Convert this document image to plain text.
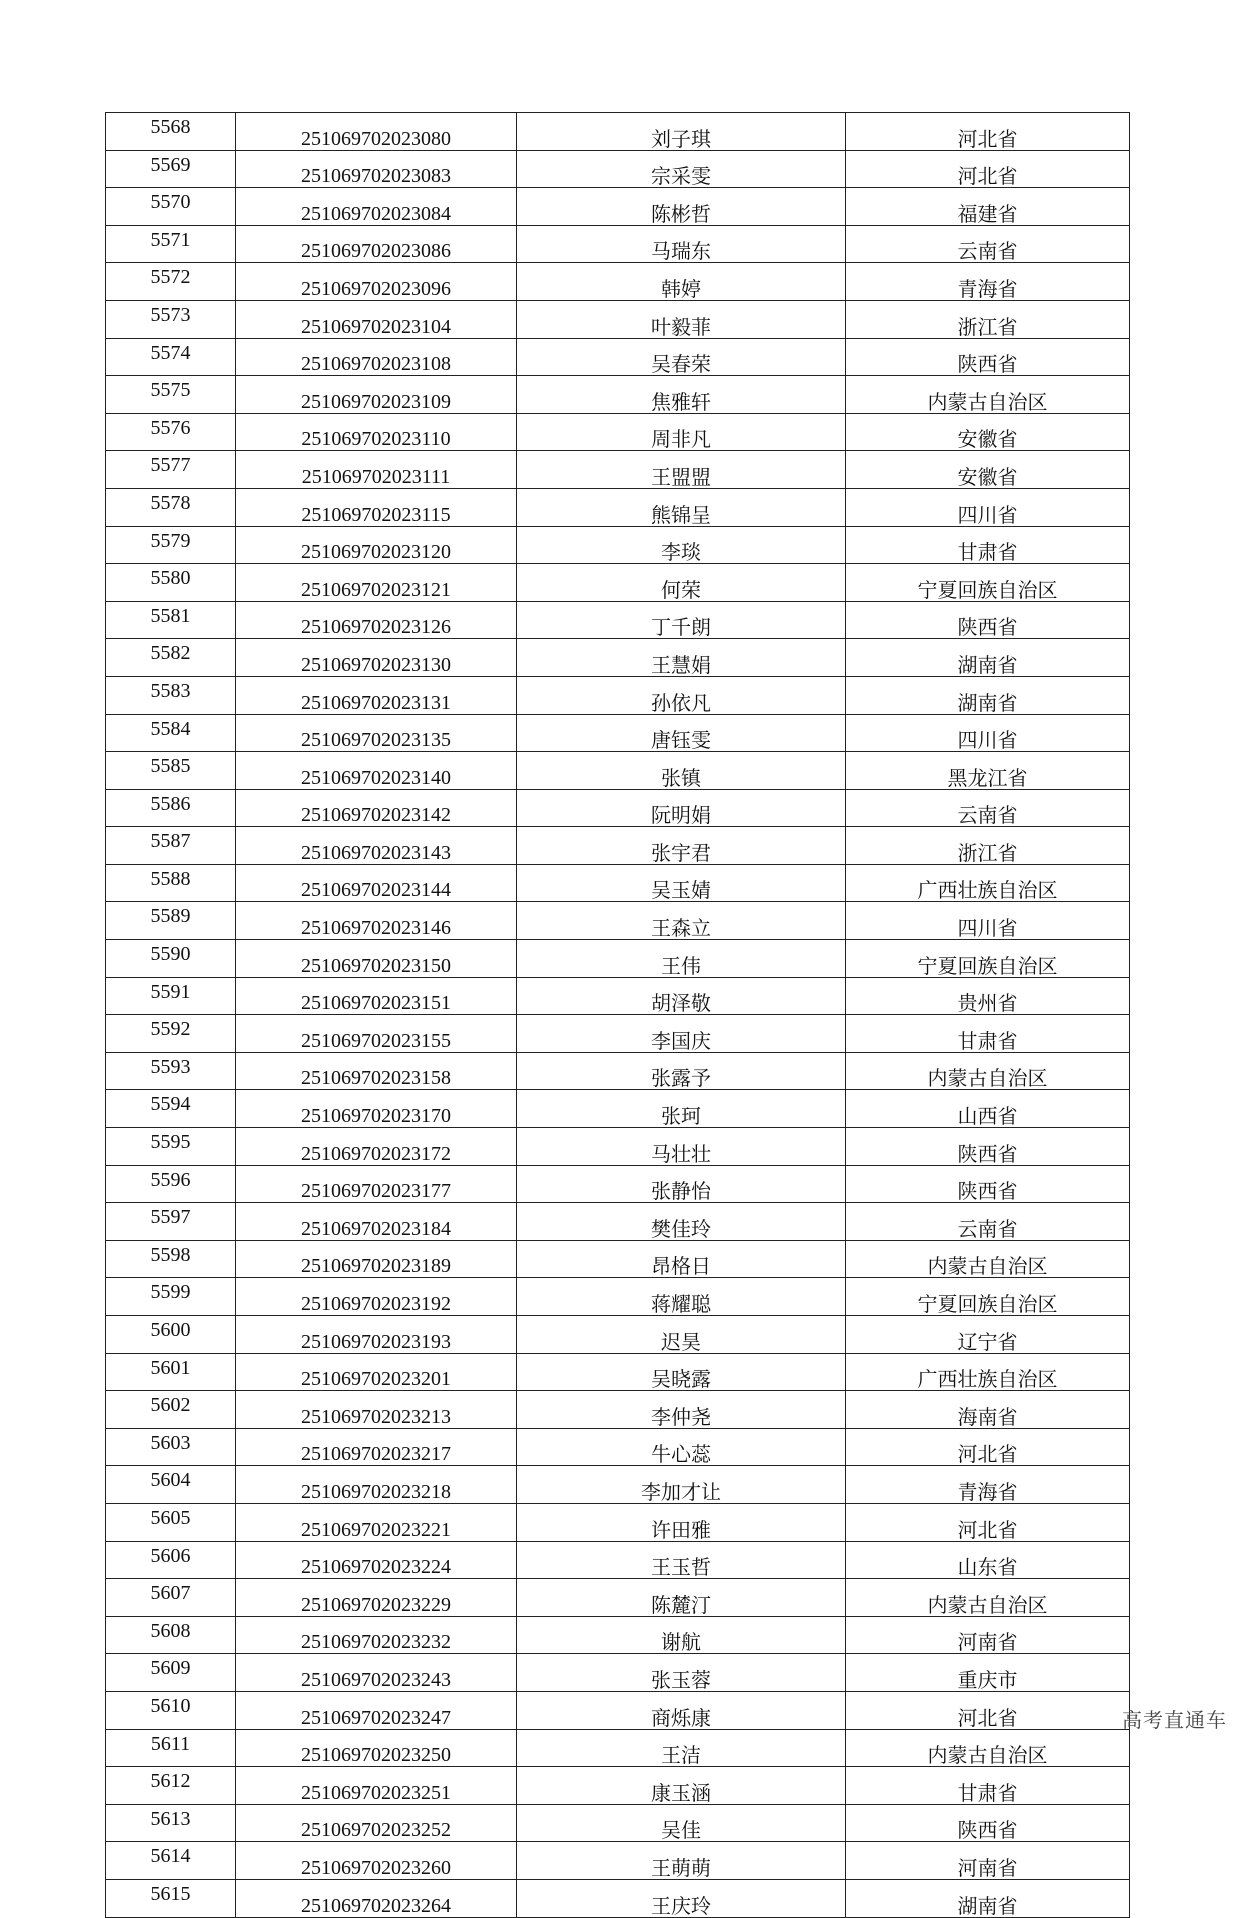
5568	251069702023080	刘子琪	河北省
5569	251069702023083	宗采雯	河北省
5570	251069702023084	陈彬哲	福建省
5571	251069702023086	马瑞东	云南省
5572	251069702023096	韩婷	青海省
5573	251069702023104	叶毅菲	浙江省
5574	251069702023108	吴春荣	陕西省
5575	251069702023109	焦雅轩	内蒙古自治区
5576	251069702023110	周非凡	安徽省
5577	251069702023111	王盟盟	安徽省
5578	251069702023115	熊锦呈	四川省
5579	251069702023120	李琰	甘肃省
5580	251069702023121	何荣	宁夏回族自治区
5581	251069702023126	丁千朗	陕西省
5582	251069702023130	王慧娟	湖南省
5583	251069702023131	孙依凡	湖南省
5584	251069702023135	唐钰雯	四川省
5585	251069702023140	张镇	黑龙江省
5586	251069702023142	阮明娟	云南省
5587	251069702023143	张宇君	浙江省
5588	251069702023144	吴玉婧	广西壮族自治区
5589	251069702023146	王森立	四川省
5590	251069702023150	王伟	宁夏回族自治区
5591	251069702023151	胡泽敬	贵州省
5592	251069702023155	李国庆	甘肃省
5593	251069702023158	张露予	内蒙古自治区
5594	251069702023170	张珂	山西省
5595	251069702023172	马壮壮	陕西省
5596	251069702023177	张静怡	陕西省
5597	251069702023184	樊佳玲	云南省
5598	251069702023189	昂格日	内蒙古自治区
5599	251069702023192	蒋耀聪	宁夏回族自治区
5600	251069702023193	迟昊	辽宁省
5601	251069702023201	吴晓露	广西壮族自治区
5602	251069702023213	李仲尧	海南省
5603	251069702023217	牛心蕊	河北省
5604	251069702023218	李加才让	青海省
5605	251069702023221	许田雅	河北省
5606	251069702023224	王玉哲	山东省
5607	251069702023229	陈麓汀	内蒙古自治区
5608	251069702023232	谢航	河南省
5609	251069702023243	张玉蓉	重庆市
5610	251069702023247	商烁康	河北省
5611	251069702023250	王洁	内蒙古自治区
5612	251069702023251	康玉涵	甘肃省
5613	251069702023252	吴佳	陕西省
5614	251069702023260	王萌萌	河南省
5615	251069702023264	王庆玲	湖南省
高考直通车
